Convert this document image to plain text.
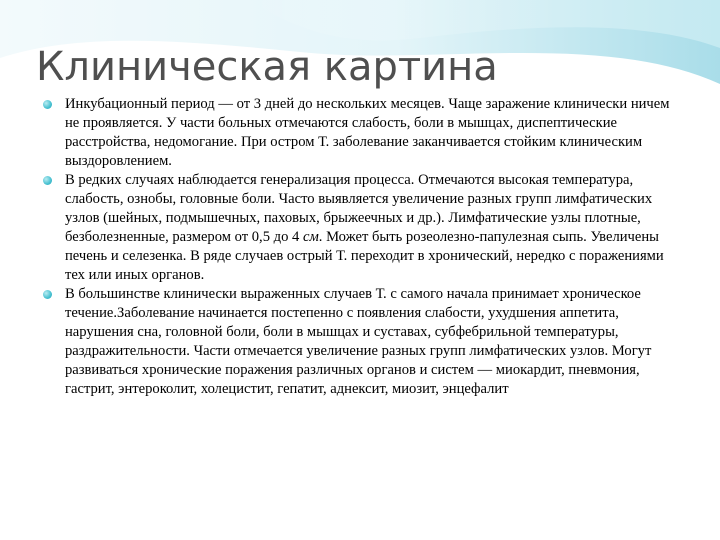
Клиническая картина
Инкубационный период — от 3 дней до нескольких месяцев. Чаще заражение клинически ничем не проявляется. У части больных отмечаются слабость, боли в мышцах, диспептические расстройства, недомогание. При остром Т. заболевание заканчивается стойким клиническим выздоровлением.
В редких случаях наблюдается генерализация процесса. Отмечаются высокая температура, слабость, ознобы, головные боли. Часто выявляется увеличение разных групп лимфатических узлов (шейных, подмышечных, паховых, брыжеечных и др.). Лимфатические узлы плотные, безболезненные, размером от 0,5 до 4 см. Может быть розеолезно-папулезная сыпь. Увеличены печень и селезенка. В ряде случаев острый Т. переходит в хронический, нередко с поражениями тех или иных органов.
В большинстве клинически выраженных случаев Т. с самого начала принимает хроническое течение.Заболевание начинается постепенно с появления слабости, ухудшения аппетита, нарушения сна, головной боли, боли в мышцах и суставах, субфебрильной температуры, раздражительности. Части отмечается увеличение разных групп лимфатических узлов. Могут развиваться хронические поражения различных органов и систем — миокардит, пневмония, гастрит, энтероколит, холецистит, гепатит, аднексит, миозит, энцефалит
